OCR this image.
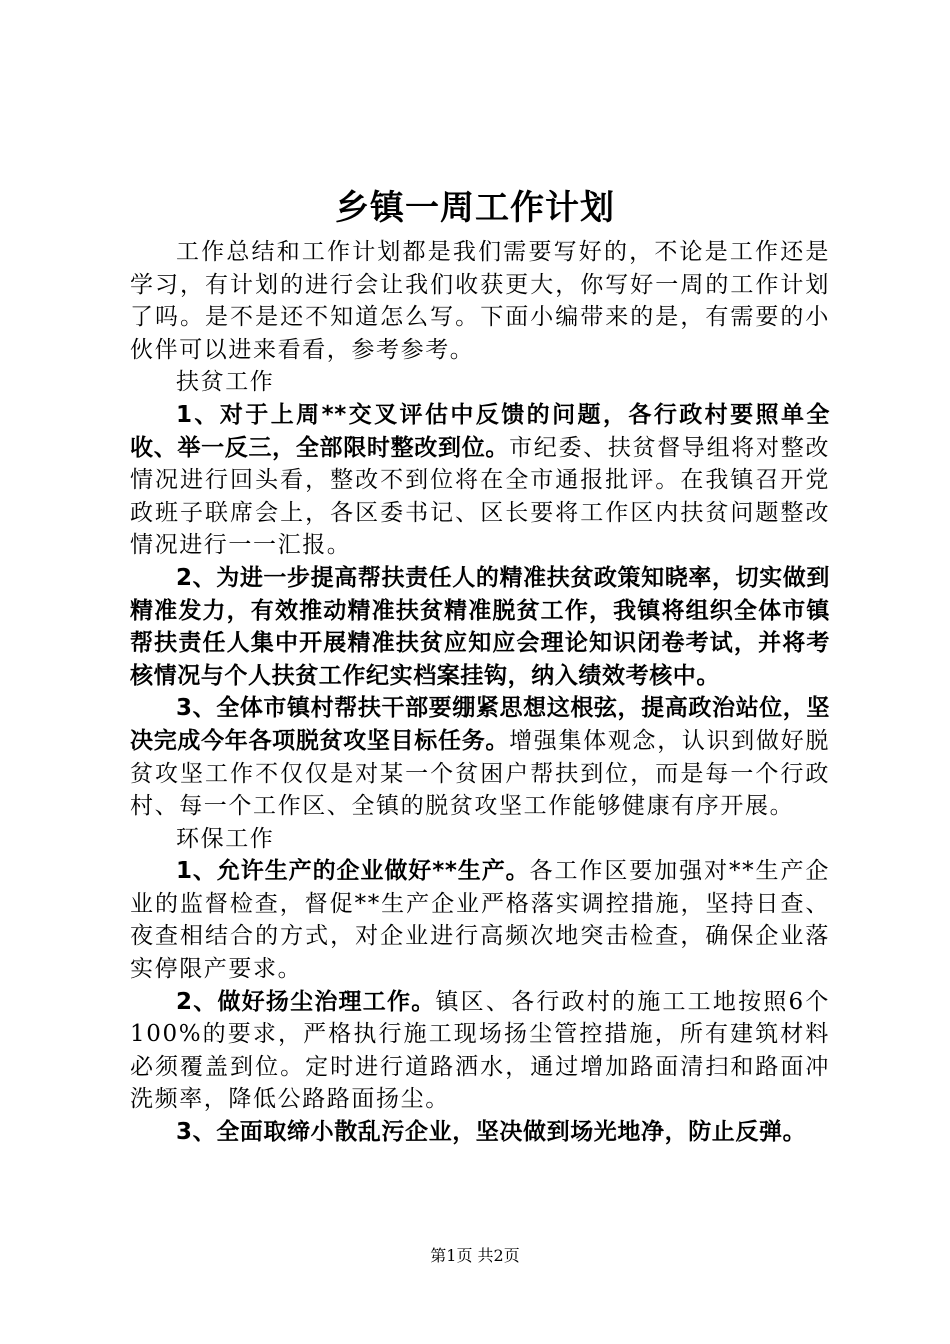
乡镇一周工作计划

工作总结和工作计划都是我们需要写好的，不论是工作还是学习，有计划的进行会让我们收获更大，你写好一周的工作计划了吗。是不是还不知道怎么写。下面小编带来的是，有需要的小伙伴可以进来看看，参考参考。

扶贫工作

1、对于上周**交叉评估中反馈的问题，各行政村要照单全收、举一反三，全部限时整改到位。市纪委、扶贫督导组将对整改情况进行回头看，整改不到位将在全市通报批评。在我镇召开党政班子联席会上，各区委书记、区长要将工作区内扶贫问题整改情况进行一一汇报。

2、为进一步提高帮扶责任人的精准扶贫政策知晓率，切实做到精准发力，有效推动精准扶贫精准脱贫工作，我镇将组织全体市镇帮扶责任人集中开展精准扶贫应知应会理论知识闭卷考试，并将考核情况与个人扶贫工作纪实档案挂钩，纳入绩效考核中。

3、全体市镇村帮扶干部要绷紧思想这根弦，提高政治站位，坚决完成今年各项脱贫攻坚目标任务。增强集体观念，认识到做好脱贫攻坚工作不仅仅是对某一个贫困户帮扶到位，而是每一个行政村、每一个工作区、全镇的脱贫攻坚工作能够健康有序开展。

环保工作

1、允许生产的企业做好**生产。各工作区要加强对**生产企业的监督检查，督促**生产企业严格落实调控措施，坚持日查、夜查相结合的方式，对企业进行高频次地突击检查，确保企业落实停限产要求。

2、做好扬尘治理工作。镇区、各行政村的施工工地按照6个100%的要求，严格执行施工现场扬尘管控措施，所有建筑材料必须覆盖到位。定时进行道路洒水，通过增加路面清扫和路面冲洗频率，降低公路路面扬尘。

3、全面取缔小散乱污企业，坚决做到场光地净，防止反弹。

第1页 共2页
